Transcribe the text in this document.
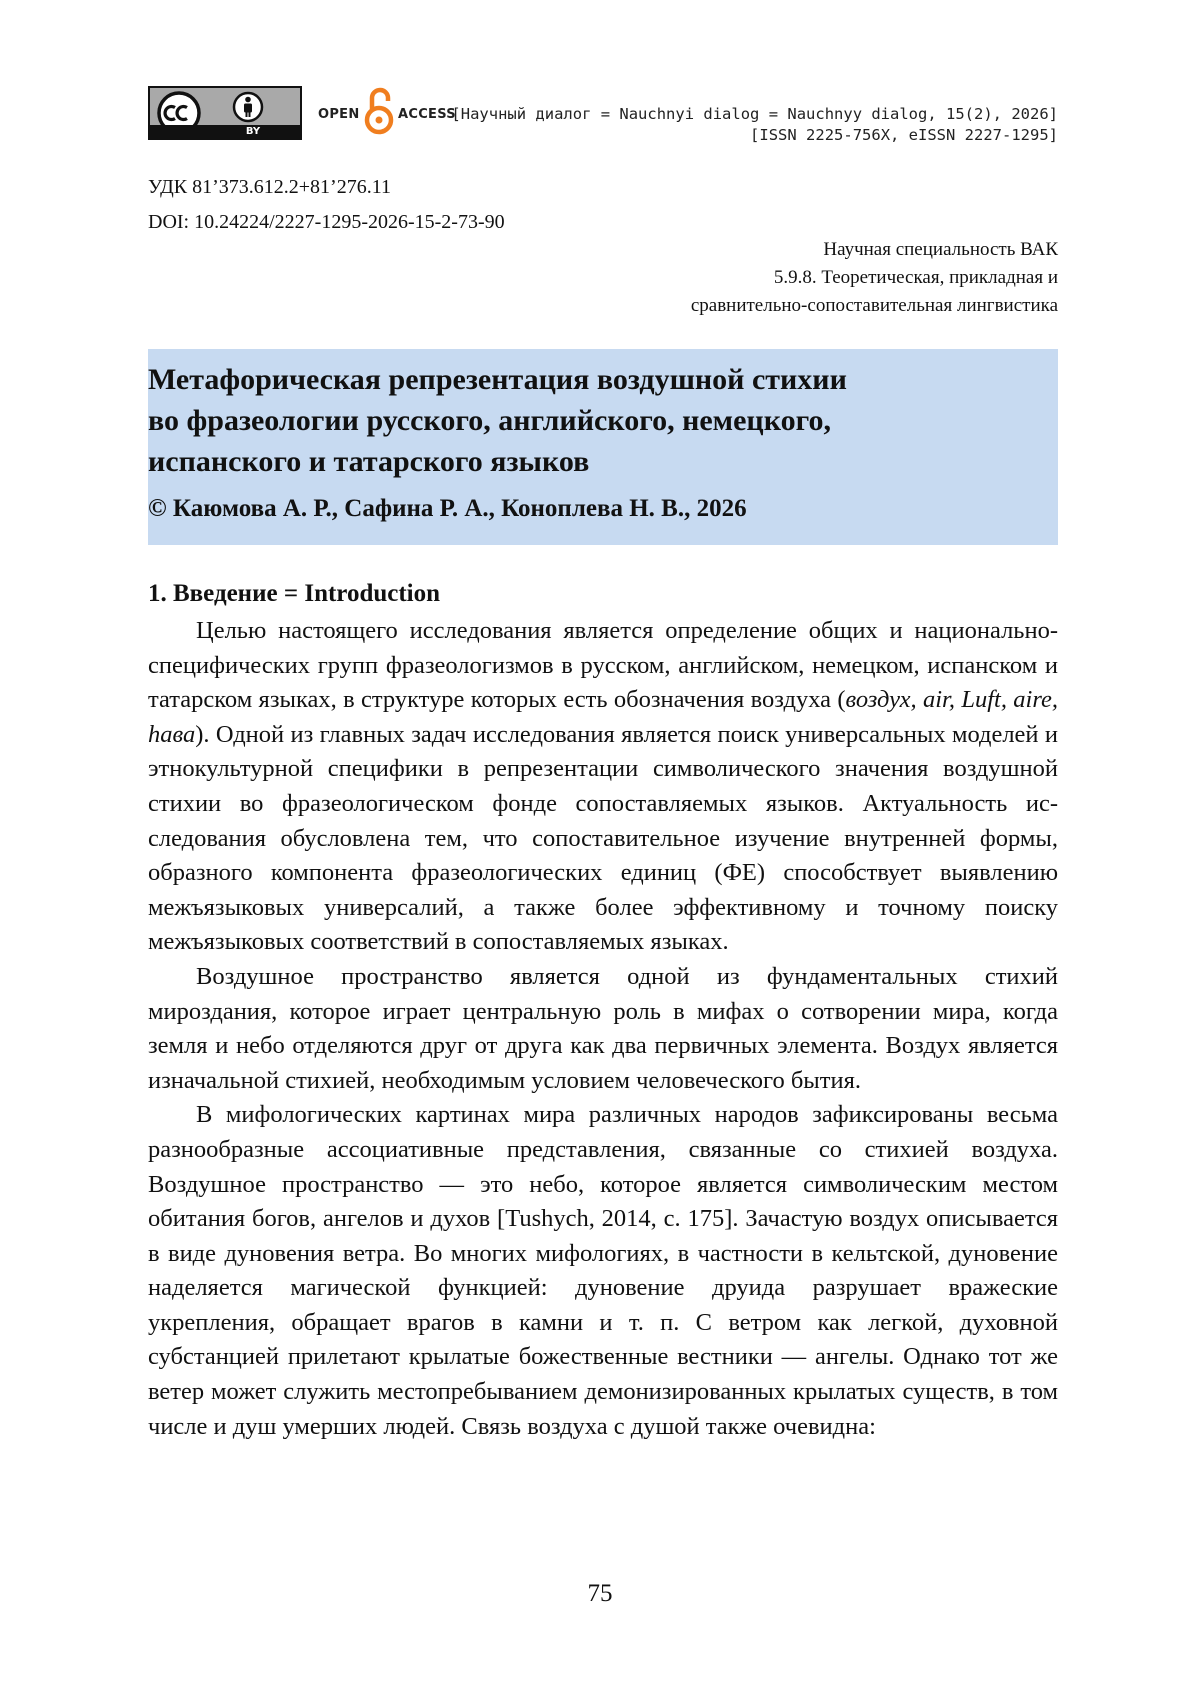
BY
OPEN	ACCESS
[Научный диалог = Nauchnyi dialog = Nauchnyy dialog, 15(2), 2026]
[ISSN 2225-756X, eISSN 2227-1295]
УДК 81’373.612.2+81’276.11
DOI: 10.24224/2227-1295-2026-15-2-73-90
Научная специальность ВАК
5.9.8. Теоретическая, прикладная и
сравнительно-сопоставительная лингвистика
Метафорическая репрезентация воздушной стихии
во фразеологии русского, английского, немецкого,
испанского и татарского языков
© Каюмова А. Р., Сафина Р. А., Коноплева Н. В., 2026
1. Введение = Introduction

Целью настоящего исследования является определение общих и национально-специфических групп фразеологизмов в русском, английском, немецком, испанском и татарском языках, в структуре которых есть обозначения воздуха (воздух, air, Luft, aire, һава). Одной из главных задач исследования является поиск универсальных моделей и этнокультурной специфики в репрезентации символического значения воздушной стихии во фразеологическом фонде сопоставляемых языков. Актуальность исследования обусловлена тем, что сопоставительное изучение внутренней формы, образного компонента фразеологических единиц (ФЕ) способствует выявлению межъязыковых универсалий, а также более эффективному и точному поиску межъязыковых соответствий в сопоставляемых языках.

Воздушное пространство является одной из фундаментальных стихий мироздания, которое играет центральную роль в мифах о сотворении мира, когда земля и небо отделяются друг от друга как два первичных элемента. Воздух является изначальной стихией, необходимым условием человеческого бытия.

В мифологических картинах мира различных народов зафиксированы весьма разнообразные ассоциативные представления, связанные со стихией воздуха. Воздушное пространство — это небо, которое является символическим местом обитания богов, ангелов и духов [Tushych, 2014, с. 175]. Зачастую воздух описывается в виде дуновения ветра. Во многих мифологиях, в частности в кельтской, дуновение наделяется магической функцией: дуновение друида разрушает вражеские укрепления, обращает врагов в камни и т. п. С ветром как легкой, духовной субстанцией прилетают крылатые божественные вестники — ангелы. Однако тот же ветер может служить местопребыванием демонизированных крылатых существ, в том числе и душ умерших людей. Связь воздуха с душой также очевидна:

75
